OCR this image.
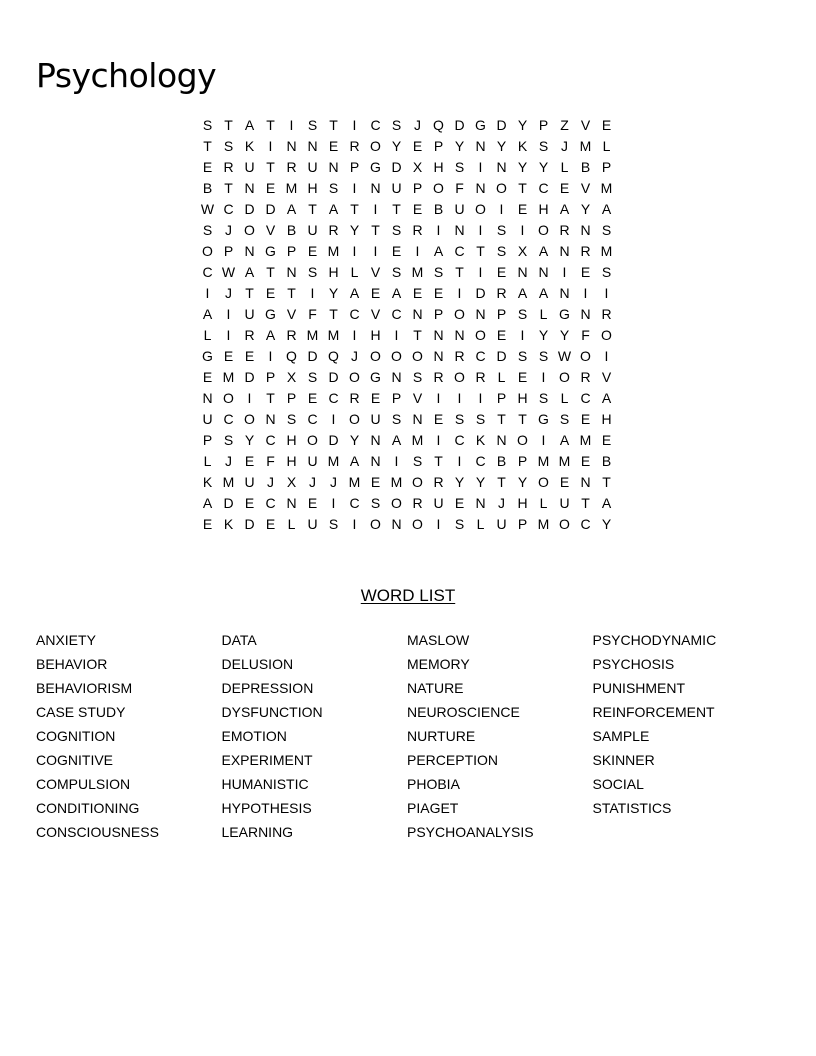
Psychology
S T A T	I	S T	I	C S J Q D G D Y P Z V E
T S K	I	N N E R O Y E P Y N Y K S J M L
E R U T R U N P G D X H S	I	N Y Y L B P
B T N E M H S	I	N U P O F N O T C E V M
W C D D A T A T	I	T E B U O I	E H A Y A
S J O V B U R Y T S R I	N I	S	I O R N S
O P N G P E M I	I	E	I	A C T S X A N R M
C W A T N S H L V S M S T	I	E N N I	E S
I	J T E T	I	Y A E A E E	I	D R A A N I	I
A	I	U G V F T C V C N P O N P S L G N R
L	I	R A R M M I	H I	T N N O E	I	Y Y F O
G E E	I Q D Q J O O O N R C D S S W O I
E M D P X S D O G N S R O R L E	I O R V
N O I	T P E C R E P V	I	I	I	P H S L C A
U C O N S C I O U S N E S S T T G S E H
P S Y C H O D Y N A M I	C K N O I	A M E
L J E F H U M A N I	S T	I	C B P M M E B
K M U J X J	J M E M O R Y Y T Y O E N T
A D E C N E	I	C S O R U E N J H L U T A
E K D E L U S	I O N O I	S L U P M O C Y
WORD LIST
ANXIETY
BEHAVIOR
BEHAVIORISM
CASE STUDY
COGNITION
COGNITIVE
COMPULSION
CONDITIONING
CONSCIOUSNESS
DATA
DELUSION
DEPRESSION
DYSFUNCTION
EMOTION
EXPERIMENT
HUMANISTIC
HYPOTHESIS
LEARNING
MASLOW
MEMORY
NATURE
NEUROSCIENCE
NURTURE
PERCEPTION
PHOBIA
PIAGET
PSYCHOANALYSIS
PSYCHODYNAMIC
PSYCHOSIS
PUNISHMENT
REINFORCEMENT
SAMPLE
SKINNER
SOCIAL
STATISTICS
